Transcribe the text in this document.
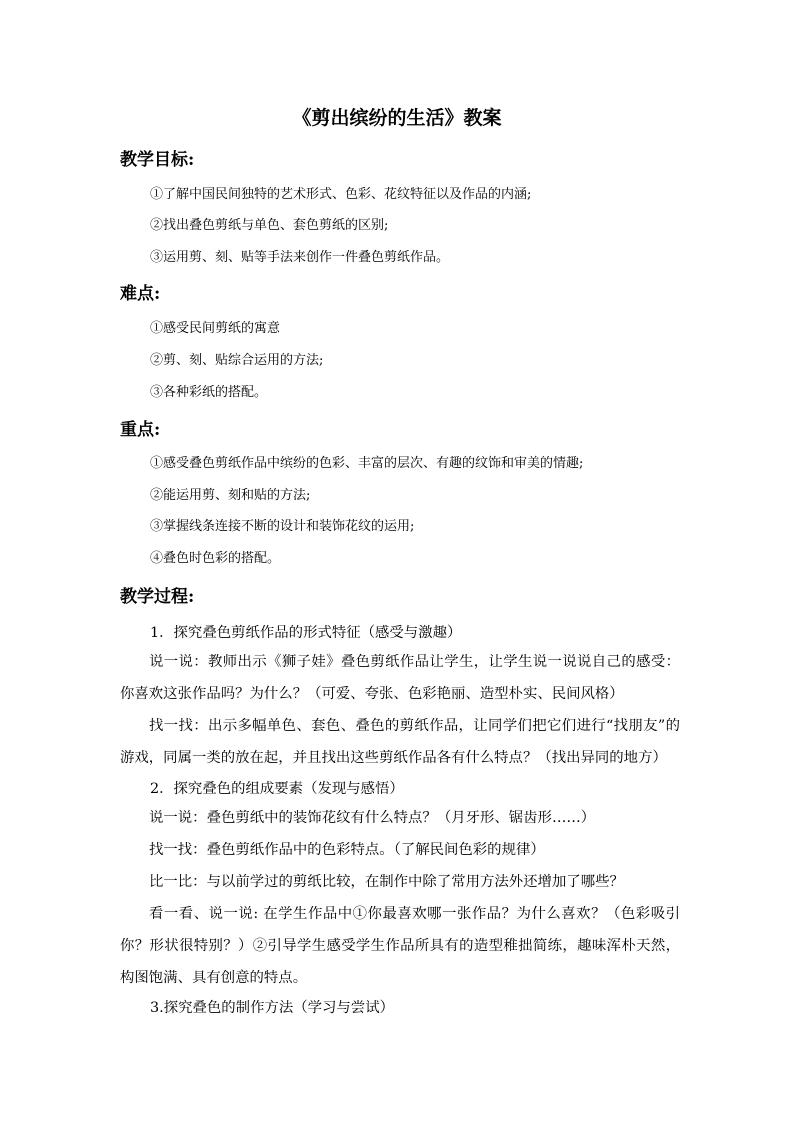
《剪出缤纷的生活》教案
教学目标:
①了解中国民间独特的艺术形式、色彩、花纹特征以及作品的内涵;
②找出叠色剪纸与单色、套色剪纸的区别;
③运用剪、刻、贴等手法来创作一件叠色剪纸作品。
难点:
①感受民间剪纸的寓意
②剪、刻、贴综合运用的方法;
③各种彩纸的搭配。
重点:
①感受叠色剪纸作品中缤纷的色彩、丰富的层次、有趣的纹饰和审美的情趣;
②能运用剪、刻和贴的方法;
③掌握线条连接不断的设计和装饰花纹的运用;
④叠色时色彩的搭配。
教学过程:
1．探究叠色剪纸作品的形式特征（感受与激趣）
说一说：教师出示《狮子娃》叠色剪纸作品让学生，让学生说一说说自己的感受：你喜欢这张作品吗？为什么？（可爱、夸张、色彩艳丽、造型朴实、民间风格）
找一找：出示多幅单色、套色、叠色的剪纸作品，让同学们把它们进行“找朋友”的游戏，同属一类的放在起，并且找出这些剪纸作品各有什么特点？（找出异同的地方）
2．探究叠色的组成要素（发现与感悟）
说一说：叠色剪纸中的装饰花纹有什么特点？（月牙形、锯齿形……）
找一找：叠色剪纸作品中的色彩特点。（了解民间色彩的规律）
比一比：与以前学过的剪纸比较，在制作中除了常用方法外还增加了哪些？
看一看、说一说: 在学生作品中①你最喜欢哪一张作品？为什么喜欢？（色彩吸引你？形状很特别？）②引导学生感受学生作品所具有的造型稚拙简练，趣味浑朴天然，构图饱满、具有创意的特点。
3.探究叠色的制作方法（学习与尝试）
